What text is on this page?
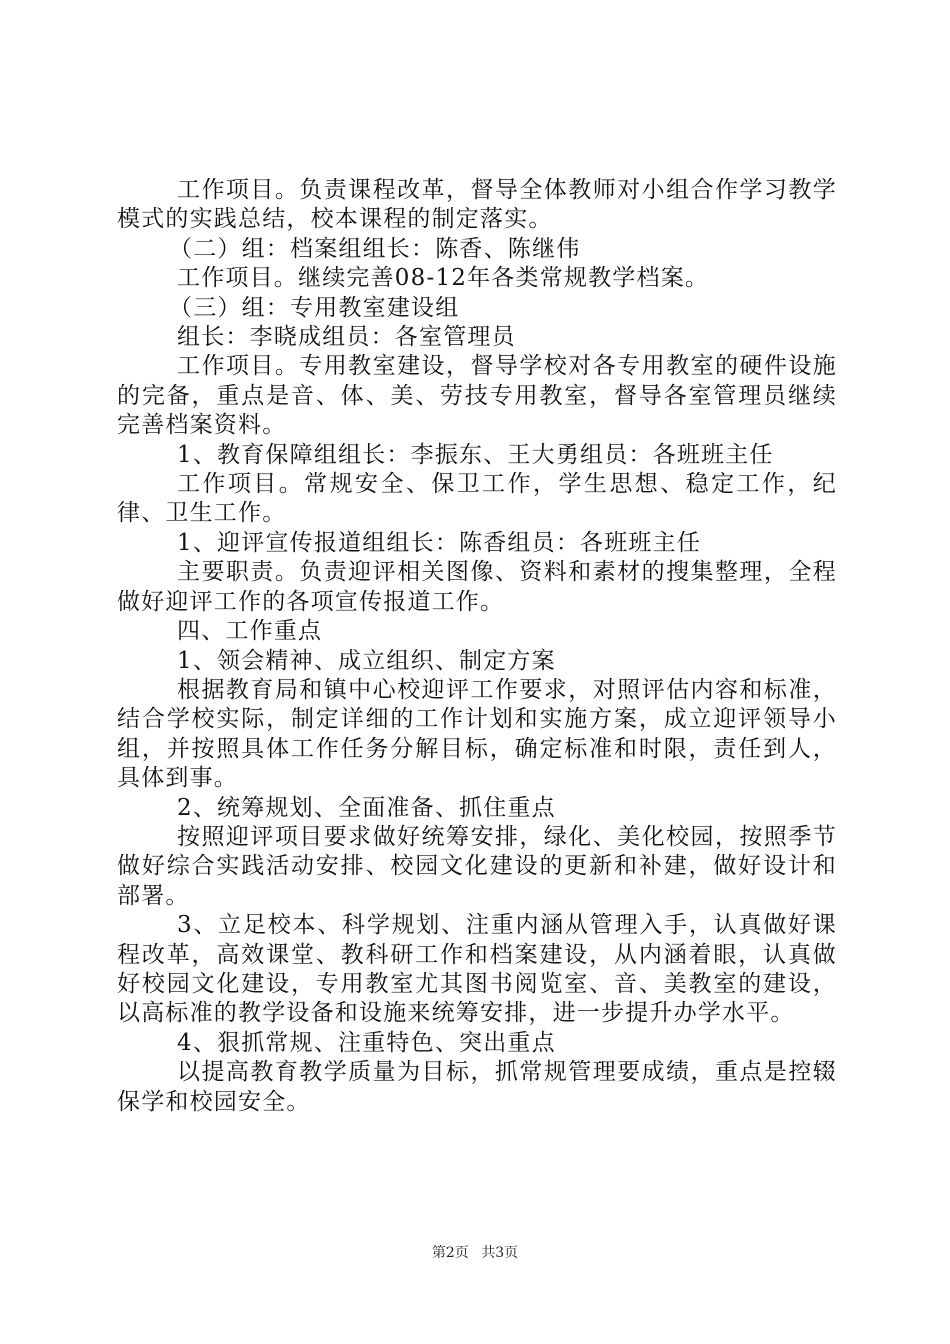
工作项目。负责课程改革，督导全体教师对小组合作学习教学模式的实践总结，校本课程的制定落实。

（二）组：档案组组长：陈香、陈继伟

工作项目。继续完善08-12年各类常规教学档案。

（三）组：专用教室建设组

组长：李晓成组员：各室管理员

工作项目。专用教室建设，督导学校对各专用教室的硬件设施的完备，重点是音、体、美、劳技专用教室，督导各室管理员继续完善档案资料。

1、教育保障组组长：李振东、王大勇组员：各班班主任

工作项目。常规安全、保卫工作，学生思想、稳定工作，纪律、卫生工作。

1、迎评宣传报道组组长：陈香组员：各班班主任

主要职责。负责迎评相关图像、资料和素材的搜集整理，全程做好迎评工作的各项宣传报道工作。

四、工作重点

1、领会精神、成立组织、制定方案

根据教育局和镇中心校迎评工作要求，对照评估内容和标准，结合学校实际，制定详细的工作计划和实施方案，成立迎评领导小组，并按照具体工作任务分解目标，确定标准和时限，责任到人，具体到事。

2、统筹规划、全面准备、抓住重点

按照迎评项目要求做好统筹安排，绿化、美化校园，按照季节做好综合实践活动安排、校园文化建设的更新和补建，做好设计和部署。

3、立足校本、科学规划、注重内涵从管理入手，认真做好课程改革，高效课堂、教科研工作和档案建设，从内涵着眼，认真做好校园文化建设，专用教室尤其图书阅览室、音、美教室的建设，以高标准的教学设备和设施来统筹安排，进一步提升办学水平。

4、狠抓常规、注重特色、突出重点

以提高教育教学质量为目标，抓常规管理要成绩，重点是控辍保学和校园安全。

第2页 共3页
